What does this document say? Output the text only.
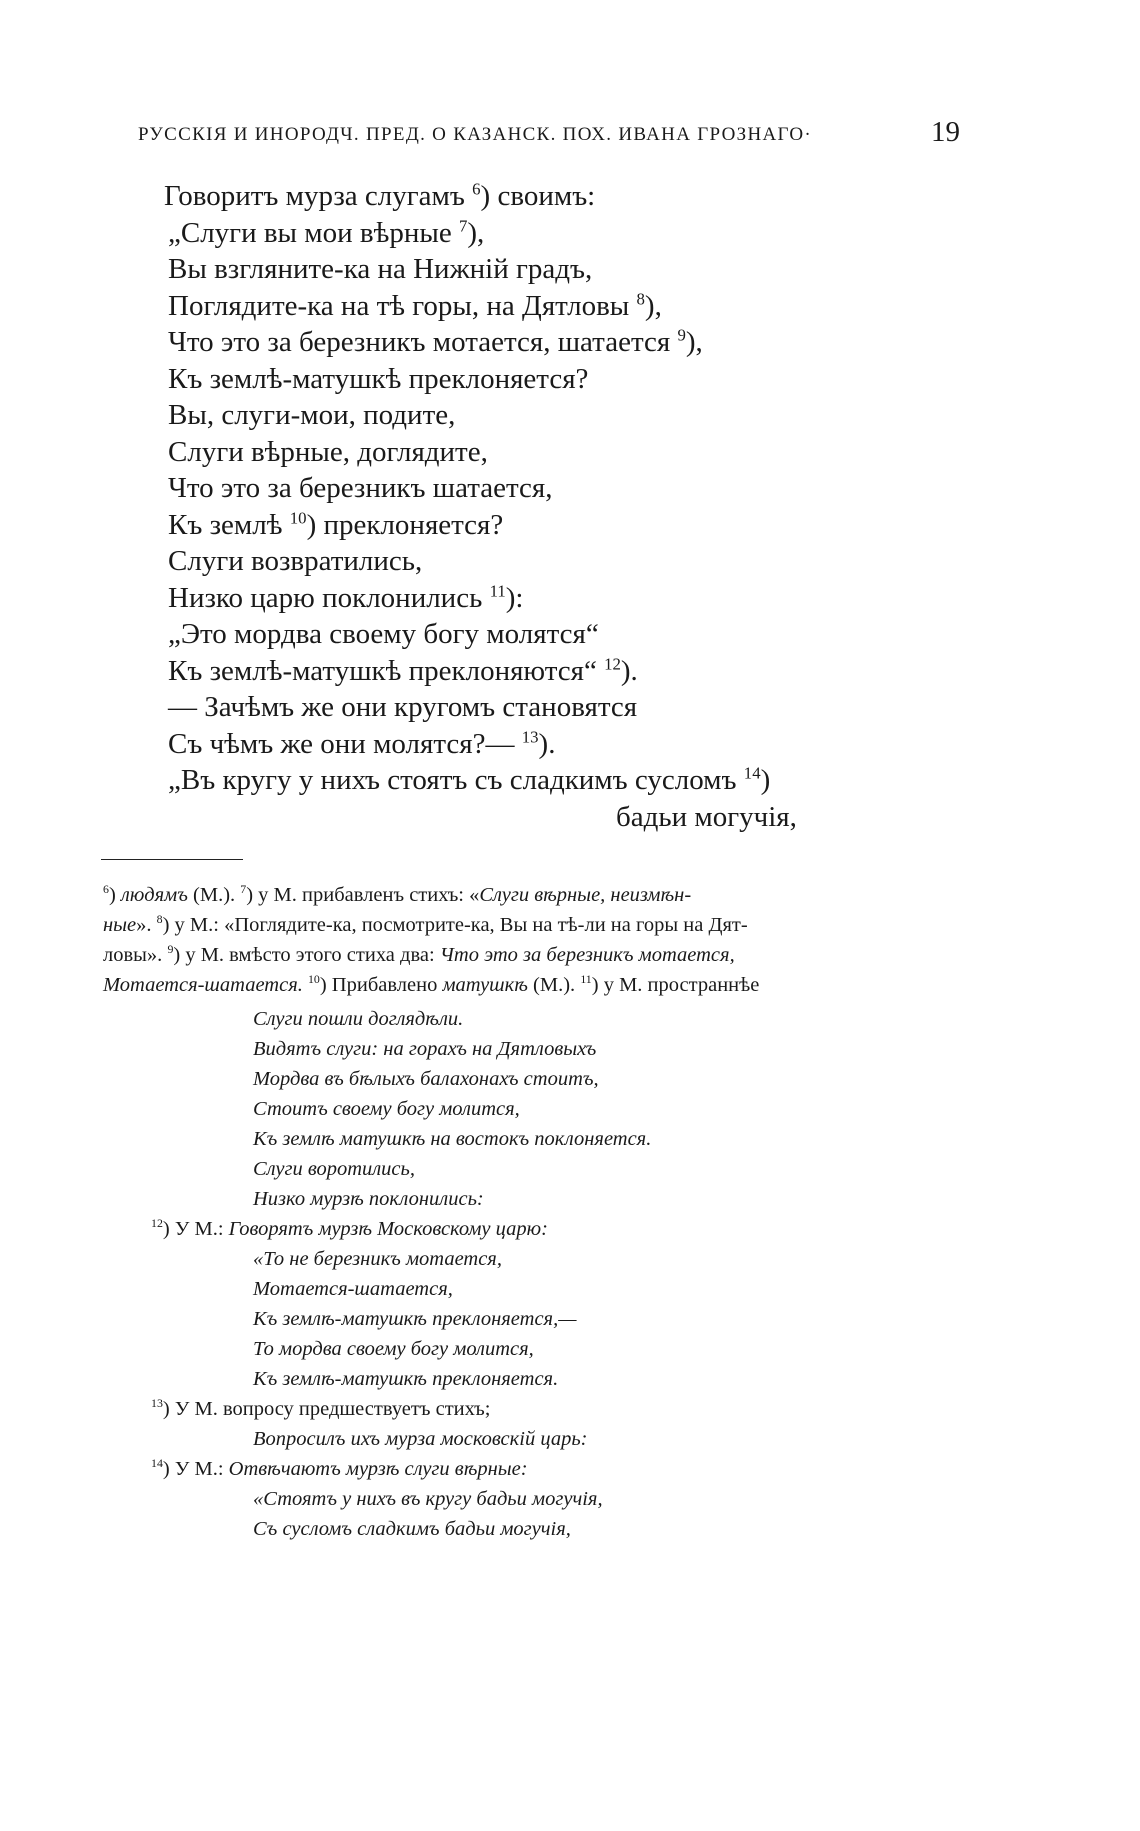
РУССКІЯ И ИНОРОДЧ. ПРЕД. О КАЗАНСК. ПОХ. ИВАНА ГРОЗНАГО·	19
Говоритъ мурза слугамъ $^6$) своимъ:
„Слуги вы мои вѣрные $^7$),
Вы взгляните-ка на Нижній градъ,
Поглядите-ка на тѣ горы, на Дятловы $^8$),
Что это за березникъ мотается, шатается $^9$),
Къ землѣ-матушкѣ преклоняется?
Вы, слуги-мои, подите,
Слуги вѣрные, доглядите,
Что это за березникъ шатается,
Къ землѣ $^{10}$) преклоняется?
Слуги возвратились,
Низко царю поклонились $^{11}$):
„Это мордва своему богу молятся“
Къ землѣ-матушкѣ преклоняются“ $^{12}$).
— Зачѣмъ же они кругомъ становятся
Съ чѣмъ же они молятся?— $^{13}$).
„Въ кругу у нихъ стоятъ съ сладкимъ сусломъ $^{14}$)
бадьи могучія,
$^6$) людямъ (М.). $^7$) у М. прибавленъ стихъ: «Слуги вѣрные, неизмѣн-
ные». $^8$) у М.: «Поглядите-ка, посмотрите-ка, Вы на тѣ-ли на горы на Дят-
ловы». $^9$) у М. вмѣсто этого стиха два: Что это за березникъ мотается,
Мотается-шатается. $^{10}$) Прибавлено матушкѣ (М.). $^{11}$) у М. пространнѣе
Слуги пошли доглядѣли.
Видятъ слуги: на горахъ на Дятловыхъ
Мордва въ бѣлыхъ балахонахъ стоитъ,
Стоитъ своему богу молится,
Къ землѣ матушкѣ на востокъ поклоняется.
Слуги воротились,
Низко мурзѣ поклонились:
$^{12}$) У М.: Говорятъ мурзѣ Московскому царю:
«То не березникъ мотается,
Мотается-шатается,
Къ землѣ-матушкѣ преклоняется,—
То мордва своему богу молится,
Къ землѣ-матушкѣ преклоняется.
$^{13}$) У М. вопросу предшествуетъ стихъ;
Вопросилъ ихъ мурза московскій царь:
$^{14}$) У М.: Отвѣчаютъ мурзѣ слуги вѣрные:
«Стоятъ у нихъ въ кругу бадьи могучія,
Съ сусломъ сладкимъ бадьи могучія,
